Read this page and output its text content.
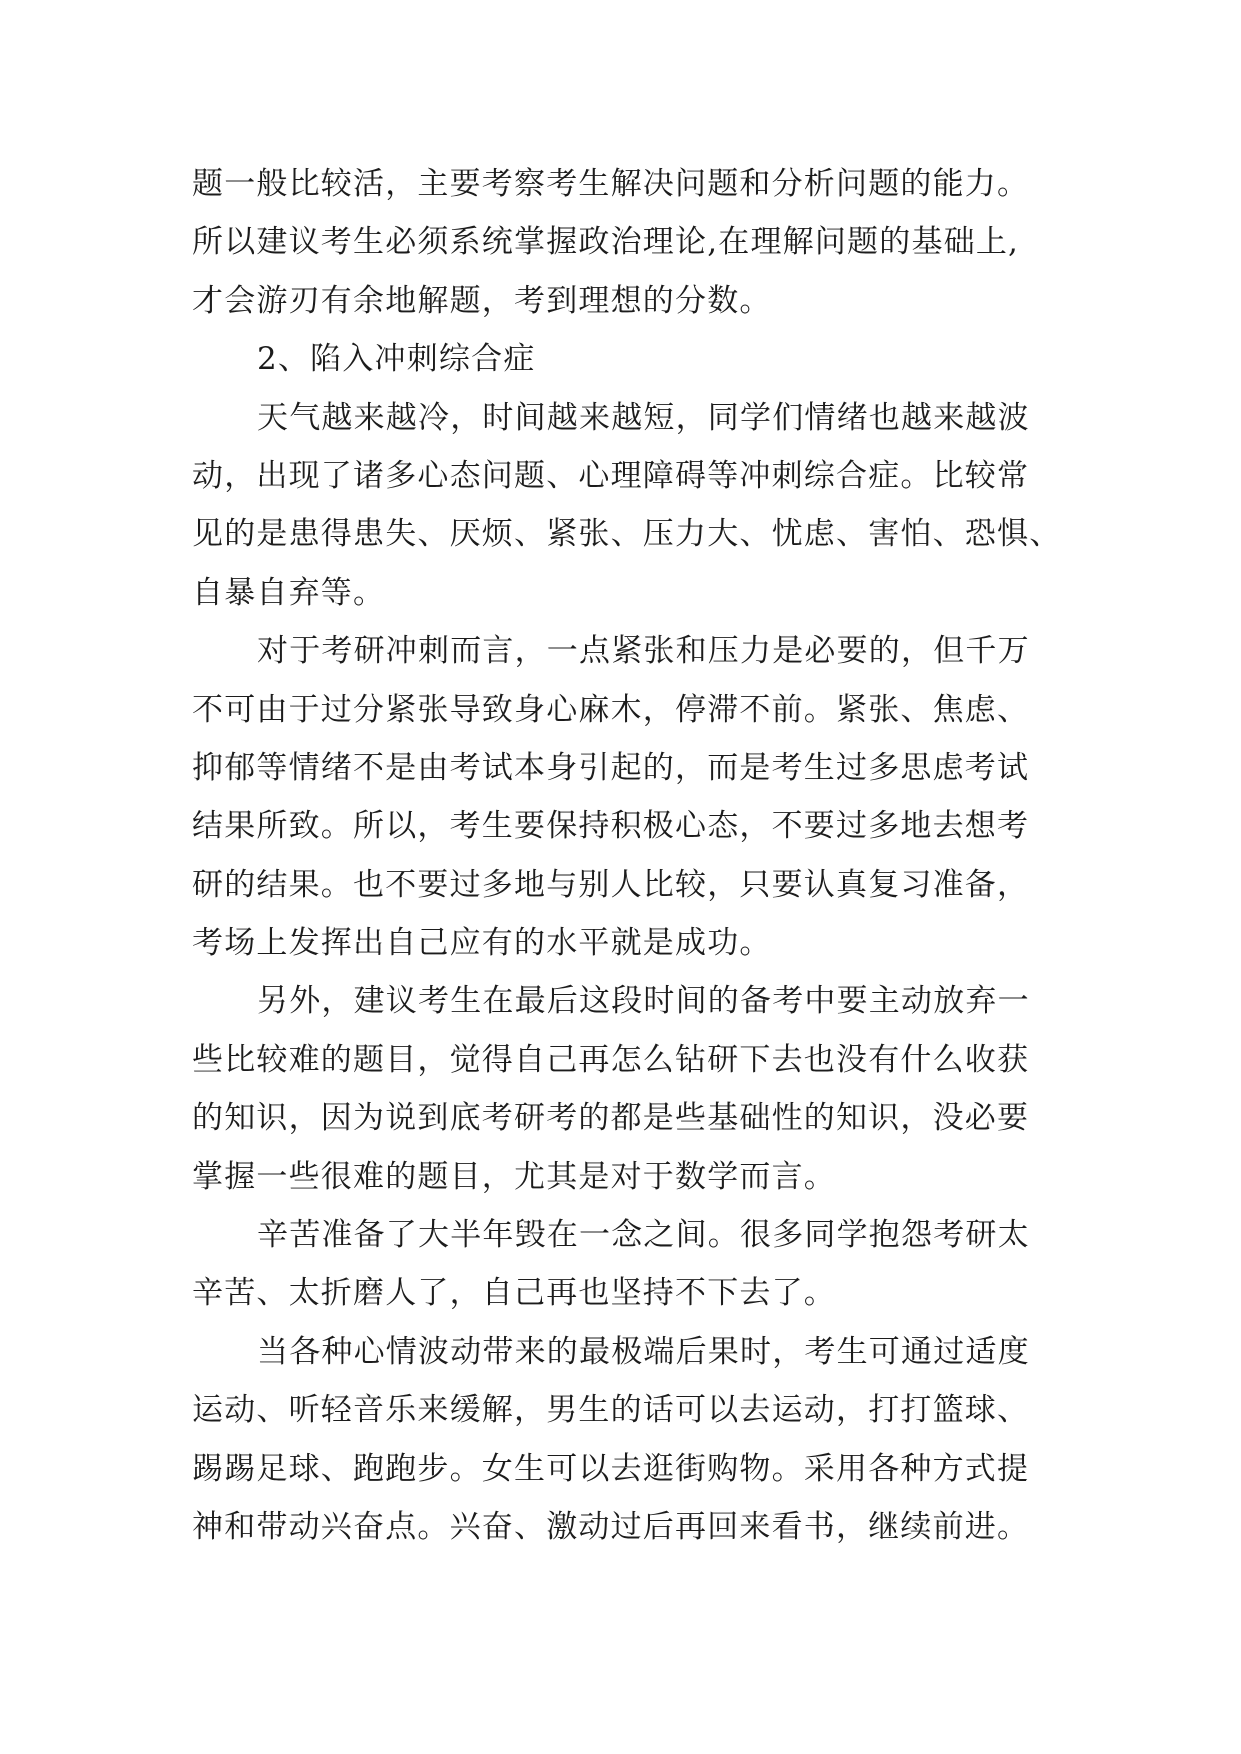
题一般比较活，主要考察考生解决问题和分析问题的能力。
所以建议考生必须系统掌握政治理论,在理解问题的基础上,
才会游刃有余地解题，考到理想的分数。
2、陷入冲刺综合症
天气越来越冷，时间越来越短，同学们情绪也越来越波
动，出现了诸多心态问题、心理障碍等冲刺综合症。比较常
见的是患得患失、厌烦、紧张、压力大、忧虑、害怕、恐惧、
自暴自弃等。
对于考研冲刺而言，一点紧张和压力是必要的，但千万
不可由于过分紧张导致身心麻木，停滞不前。紧张、焦虑、
抑郁等情绪不是由考试本身引起的，而是考生过多思虑考试
结果所致。所以，考生要保持积极心态，不要过多地去想考
研的结果。也不要过多地与别人比较，只要认真复习准备，
考场上发挥出自己应有的水平就是成功。
另外，建议考生在最后这段时间的备考中要主动放弃一
些比较难的题目，觉得自己再怎么钻研下去也没有什么收获
的知识，因为说到底考研考的都是些基础性的知识，没必要
掌握一些很难的题目，尤其是对于数学而言。
辛苦准备了大半年毁在一念之间。很多同学抱怨考研太
辛苦、太折磨人了，自己再也坚持不下去了。
当各种心情波动带来的最极端后果时，考生可通过适度
运动、听轻音乐来缓解，男生的话可以去运动，打打篮球、
踢踢足球、跑跑步。女生可以去逛街购物。采用各种方式提
神和带动兴奋点。兴奋、激动过后再回来看书，继续前进。
